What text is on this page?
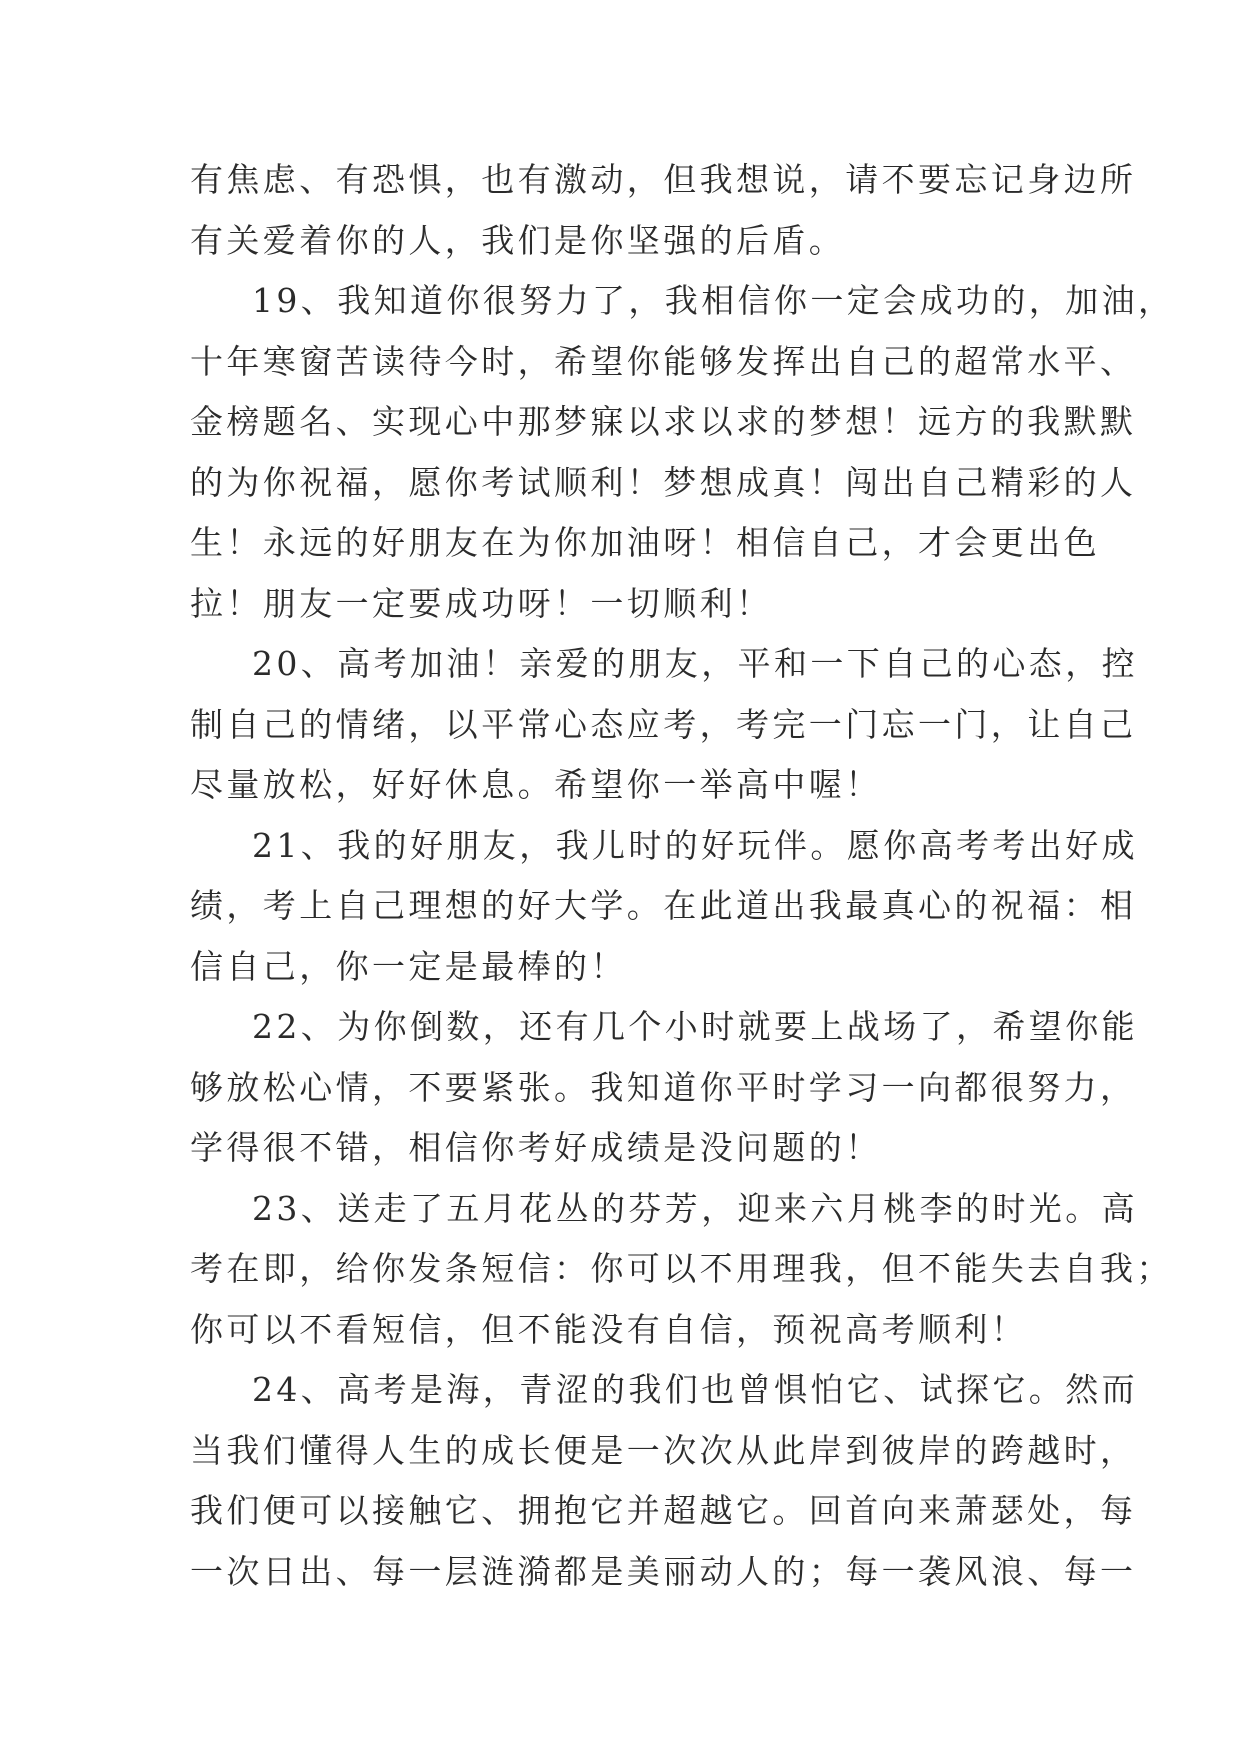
有焦虑、有恐惧，也有激动，但我想说，请不要忘记身边所
有关爱着你的人，我们是你坚强的后盾。
19、我知道你很努力了，我相信你一定会成功的，加油，
十年寒窗苦读待今时，希望你能够发挥出自己的超常水平、
金榜题名、实现心中那梦寐以求以求的梦想！远方的我默默
的为你祝福，愿你考试顺利！梦想成真！闯出自己精彩的人
生！永远的好朋友在为你加油呀！相信自己，才会更出色
拉！朋友一定要成功呀！一切顺利！
20、高考加油！亲爱的朋友，平和一下自己的心态，控
制自己的情绪，以平常心态应考，考完一门忘一门，让自己
尽量放松，好好休息。希望你一举高中喔！
21、我的好朋友，我儿时的好玩伴。愿你高考考出好成
绩，考上自己理想的好大学。在此道出我最真心的祝福：相
信自己，你一定是最棒的！
22、为你倒数，还有几个小时就要上战场了，希望你能
够放松心情，不要紧张。我知道你平时学习一向都很努力，
学得很不错，相信你考好成绩是没问题的！
23、送走了五月花丛的芬芳，迎来六月桃李的时光。高
考在即，给你发条短信：你可以不用理我，但不能失去自我；
你可以不看短信，但不能没有自信，预祝高考顺利！
24、高考是海，青涩的我们也曾惧怕它、试探它。然而
当我们懂得人生的成长便是一次次从此岸到彼岸的跨越时，
我们便可以接触它、拥抱它并超越它。回首向来萧瑟处，每
一次日出、每一层涟漪都是美丽动人的；每一袭风浪、每一
